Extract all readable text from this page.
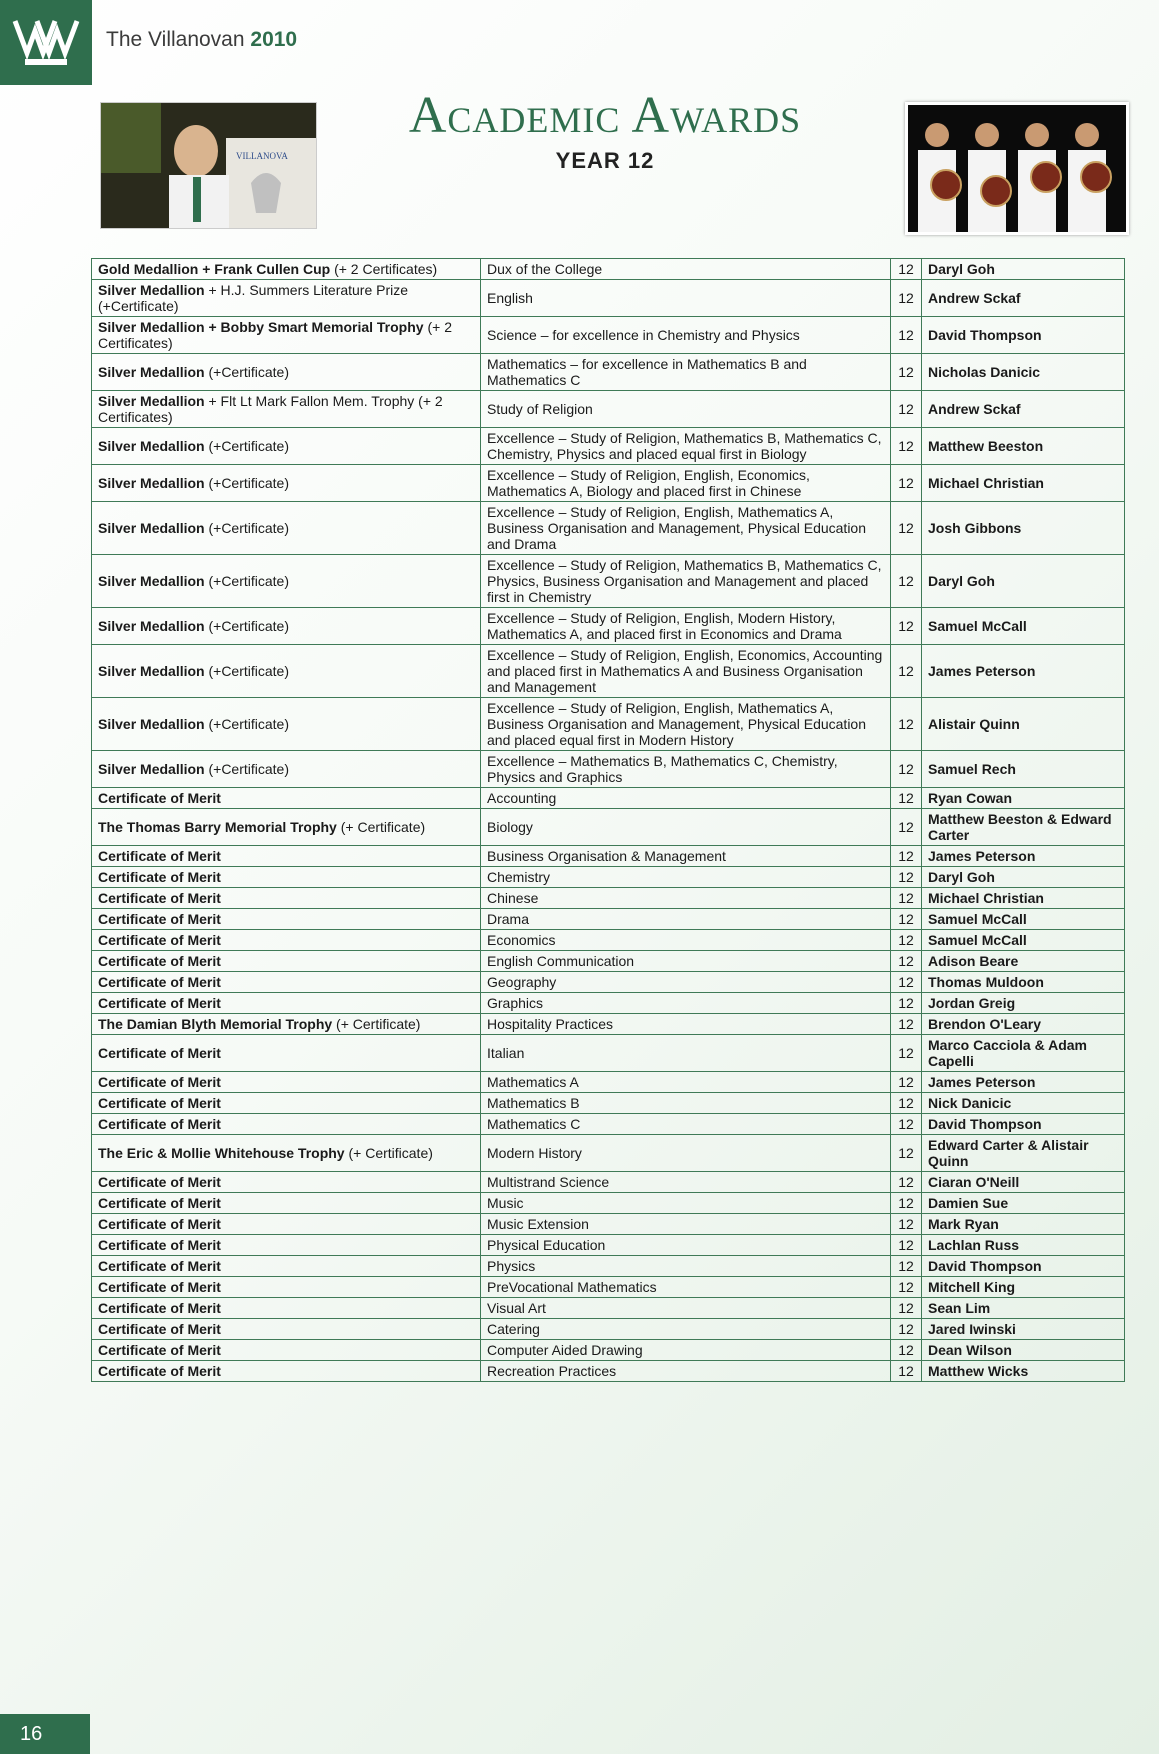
The Villanovan 2010
VILLANOVA
Academic Awards
YEAR 12
Gold Medallion + Frank Cullen Cup (+ 2 Certificates)	Dux of the College	12	Daryl Goh
Silver Medallion + H.J. Summers Literature Prize (+Certificate)	English	12	Andrew Sckaf
Silver Medallion + Bobby Smart Memorial Trophy (+ 2 Certificates)	Science – for excellence in Chemistry and Physics	12	David Thompson
Silver Medallion (+Certificate)	Mathematics – for excellence in Mathematics B and Mathematics C	12	Nicholas Danicic
Silver Medallion + Flt Lt Mark Fallon Mem. Trophy (+ 2 Certificates)	Study of Religion	12	Andrew Sckaf
Silver Medallion (+Certificate)	Excellence – Study of Religion, Mathematics B, Mathematics C, Chemistry, Physics and placed equal first in Biology	12	Matthew Beeston
Silver Medallion (+Certificate)	Excellence – Study of Religion, English, Economics, Mathematics A, Biology and placed first in Chinese	12	Michael Christian
Silver Medallion (+Certificate)	Excellence – Study of Religion, English, Mathematics A, Business Organisation and Management, Physical Education and Drama	12	Josh Gibbons
Silver Medallion (+Certificate)	Excellence – Study of Religion, Mathematics B, Mathematics C, Physics, Business Organisation and Management and placed first in Chemistry	12	Daryl Goh
Silver Medallion (+Certificate)	Excellence – Study of Religion, English, Modern History, Mathematics A, and placed first in Economics and Drama	12	Samuel McCall
Silver Medallion (+Certificate)	Excellence – Study of Religion, English, Economics, Accounting and placed first in Mathematics A and Business Organisation and Management	12	James Peterson
Silver Medallion (+Certificate)	Excellence – Study of Religion, English, Mathematics A, Business Organisation and Management, Physical Education and placed equal first in Modern History	12	Alistair Quinn
Silver Medallion (+Certificate)	Excellence – Mathematics B, Mathematics C, Chemistry, Physics and Graphics	12	Samuel Rech
Certificate of Merit	Accounting	12	Ryan Cowan
The Thomas Barry Memorial Trophy (+ Certificate)	Biology	12	Matthew Beeston & Edward Carter
Certificate of Merit	Business Organisation & Management	12	James Peterson
Certificate of Merit	Chemistry	12	Daryl Goh
Certificate of Merit	Chinese	12	Michael Christian
Certificate of Merit	Drama	12	Samuel McCall
Certificate of Merit	Economics	12	Samuel McCall
Certificate of Merit	English Communication	12	Adison Beare
Certificate of Merit	Geography	12	Thomas Muldoon
Certificate of Merit	Graphics	12	Jordan Greig
The Damian Blyth Memorial Trophy (+ Certificate)	Hospitality Practices	12	Brendon O'Leary
Certificate of Merit	Italian	12	Marco Cacciola & Adam Capelli
Certificate of Merit	Mathematics A	12	James Peterson
Certificate of Merit	Mathematics B	12	Nick Danicic
Certificate of Merit	Mathematics C	12	David Thompson
The Eric & Mollie Whitehouse Trophy (+ Certificate)	Modern History	12	Edward Carter & Alistair Quinn
Certificate of Merit	Multistrand Science	12	Ciaran O'Neill
Certificate of Merit	Music	12	Damien Sue
Certificate of Merit	Music Extension	12	Mark Ryan
Certificate of Merit	Physical Education	12	Lachlan Russ
Certificate of Merit	Physics	12	David Thompson
Certificate of Merit	PreVocational Mathematics	12	Mitchell King
Certificate of Merit	Visual Art	12	Sean Lim
Certificate of Merit	Catering	12	Jared Iwinski
Certificate of Merit	Computer Aided Drawing	12	Dean Wilson
Certificate of Merit	Recreation Practices	12	Matthew Wicks
16
